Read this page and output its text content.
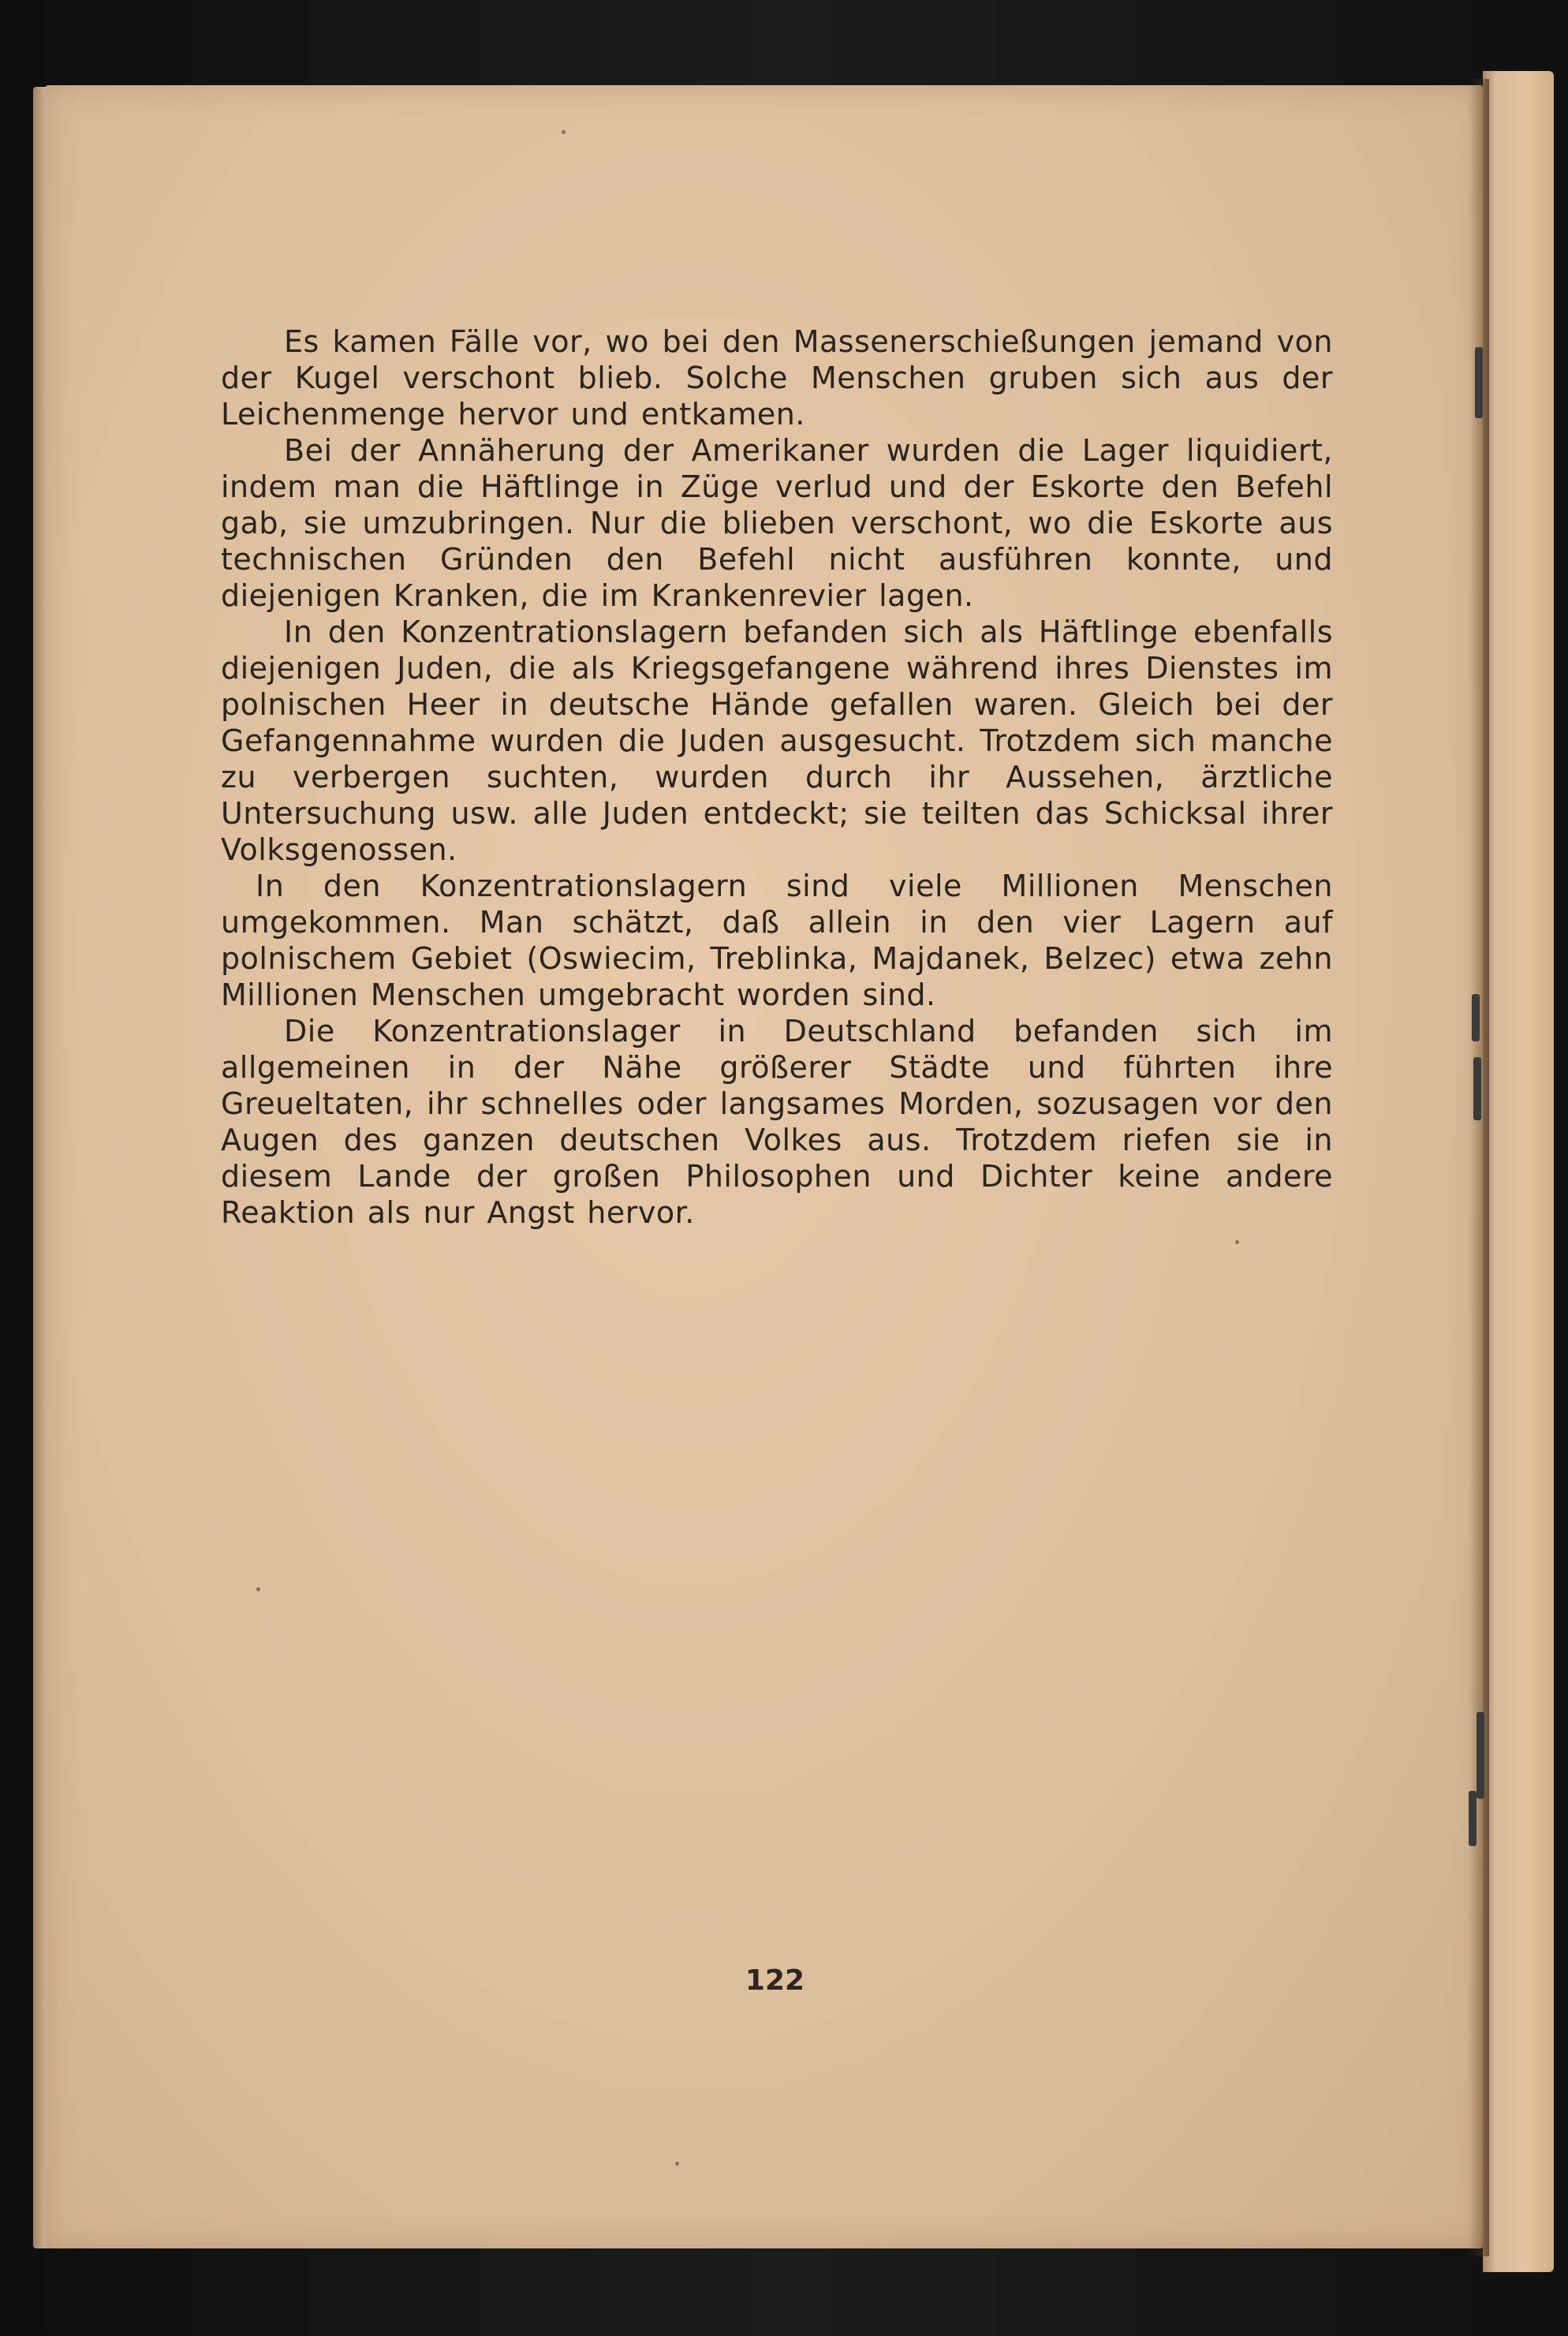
Es kamen Fälle vor, wo bei den Massenerschießungen jemand von der Kugel verschont blieb. Solche Menschen gruben sich aus der Leichenmenge hervor und entkamen.

Bei der Annäherung der Amerikaner wurden die Lager liquidiert, indem man die Häftlinge in Züge verlud und der Eskorte den Befehl gab, sie umzubringen. Nur die blieben verschont, wo die Eskorte aus technischen Gründen den Befehl nicht ausführen konnte, und diejenigen Kranken, die im Krankenrevier lagen.

In den Konzentrationslagern befanden sich als Häftlinge ebenfalls diejenigen Juden, die als Kriegsgefangene während ihres Dienstes im polnischen Heer in deutsche Hände gefallen waren. Gleich bei der Gefangennahme wurden die Juden ausgesucht. Trotzdem sich manche zu verbergen suchten, wurden durch ihr Aussehen, ärztliche Untersuchung usw. alle Juden entdeckt; sie teilten das Schicksal ihrer Volksgenossen.

In den Konzentrationslagern sind viele Millionen Menschen umgekommen. Man schätzt, daß allein in den vier Lagern auf polnischem Gebiet (Oswiecim, Treblinka, Majdanek, Belzec) etwa zehn Millionen Menschen umgebracht worden sind.

Die Konzentrationslager in Deutschland befanden sich im allgemeinen in der Nähe größerer Städte und führten ihre Greueltaten, ihr schnelles oder langsames Morden, sozusagen vor den Augen des ganzen deutschen Volkes aus. Trotzdem riefen sie in diesem Lande der großen Philosophen und Dichter keine andere Reaktion als nur Angst hervor.

122
